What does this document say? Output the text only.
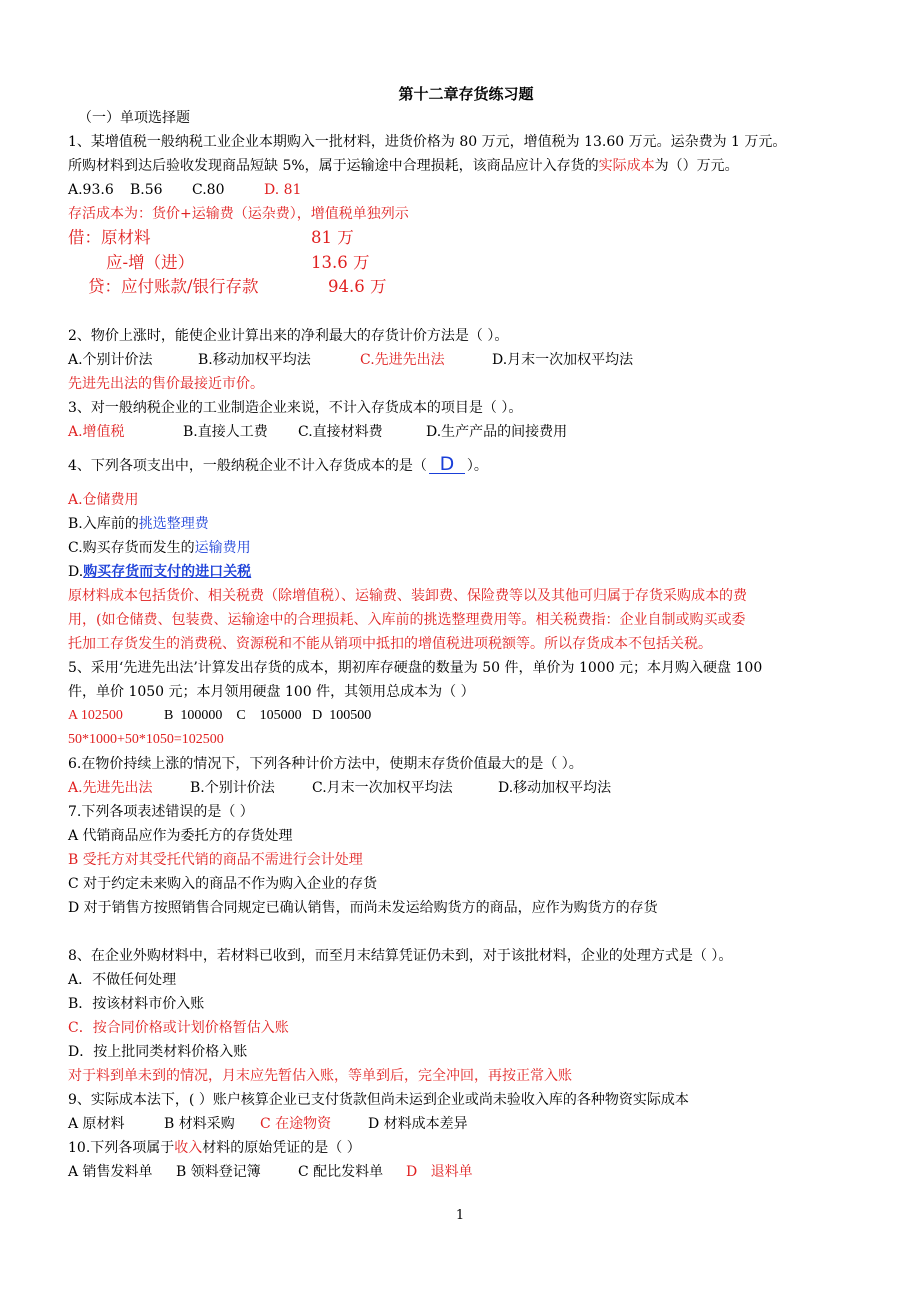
第十二章存货练习题

（一）单项选择题

1、某增值税一般纳税工业企业本期购入一批材料，进货价格为 80 万元，增值税为 13.60 万元。运杂费为 1 万元。

所购材料到达后验收发现商品短缺 5%，属于运输途中合理损耗，该商品应计入存货的实际成本为（）万元。

A.93.6 B.56 C.80	D. 81

存活成本为：货价+运输费（运杂费），增值税单独列示

借：原材料	81 万
应-增（进）	13.6 万
贷：应付账款/银行存款	94.6 万

2、物价上涨时，能使企业计算出来的净利最大的存货计价方法是（ ）。

A.个别计价法	B.移动加权平均法	C.先进先出法	D.月末一次加权平均法

先进先出法的售价最接近市价。

3、对一般纳税企业的工业制造企业来说，不计入存货成本的项目是（ ）。

A.增值税	B.直接人工费 C.直接材料费	D.生产产品的间接费用

4、下列各项支出中，一般纳税企业不计入存货成本的是（ D ）。

A.仓储费用

B.入库前的挑选整理费

C.购买存货而发生的运输费用

D.购买存货而支付的进口关税

原材料成本包括货价、相关税费（除增值税）、运输费、装卸费、保险费等以及其他可归属于存货采购成本的费

用，(如仓储费、包装费、运输途中的合理损耗、入库前的挑选整理费用等。相关税费指：企业自制或购买或委

托加工存货发生的消费税、资源税和不能从销项中抵扣的增值税进项税额等。所以存货成本不包括关税。

5、采用‘先进先出法’计算发出存货的成本，期初库存硬盘的数量为 50 件，单价为 1000 元；本月购入硬盘 100

件，单价 1050 元；本月领用硬盘 100 件，其领用总成本为（ ）

A 102500	B  100000    C    105000   D  100500

50*1000+50*1050=102500

6.在物价持续上涨的情况下，下列各种计价方法中，使期末存货价值最大的是（ ）。

A.先进先出法	B.个别计价法	C.月末一次加权平均法	D.移动加权平均法

7.下列各项表述错误的是（ ）

A 代销商品应作为委托方的存货处理

B 受托方对其受托代销的商品不需进行会计处理

C 对于约定未来购入的商品不作为购入企业的存货

D 对于销售方按照销售合同规定已确认销售，而尚未发运给购货方的商品，应作为购货方的存货

8、在企业外购材料中，若材料已收到，而至月末结算凭证仍未到，对于该批材料，企业的处理方式是（ ）。

A．不做任何处理

B．按该材料市价入账

C．按合同价格或计划价格暂估入账

D．按上批同类材料价格入账

对于料到单未到的情况，月末应先暂估入账，等单到后，完全冲回，再按正常入账

9、实际成本法下，( ）账户核算企业已支付货款但尚未运到企业或尚未验收入库的各种物资实际成本

A 原材料	B 材料采购 C 在途物资	D 材料成本差异

10.下列各项属于收入材料的原始凭证的是（ ）

A 销售发料单 B 领料登记簿	C 配比发料单 D   退料单

1
